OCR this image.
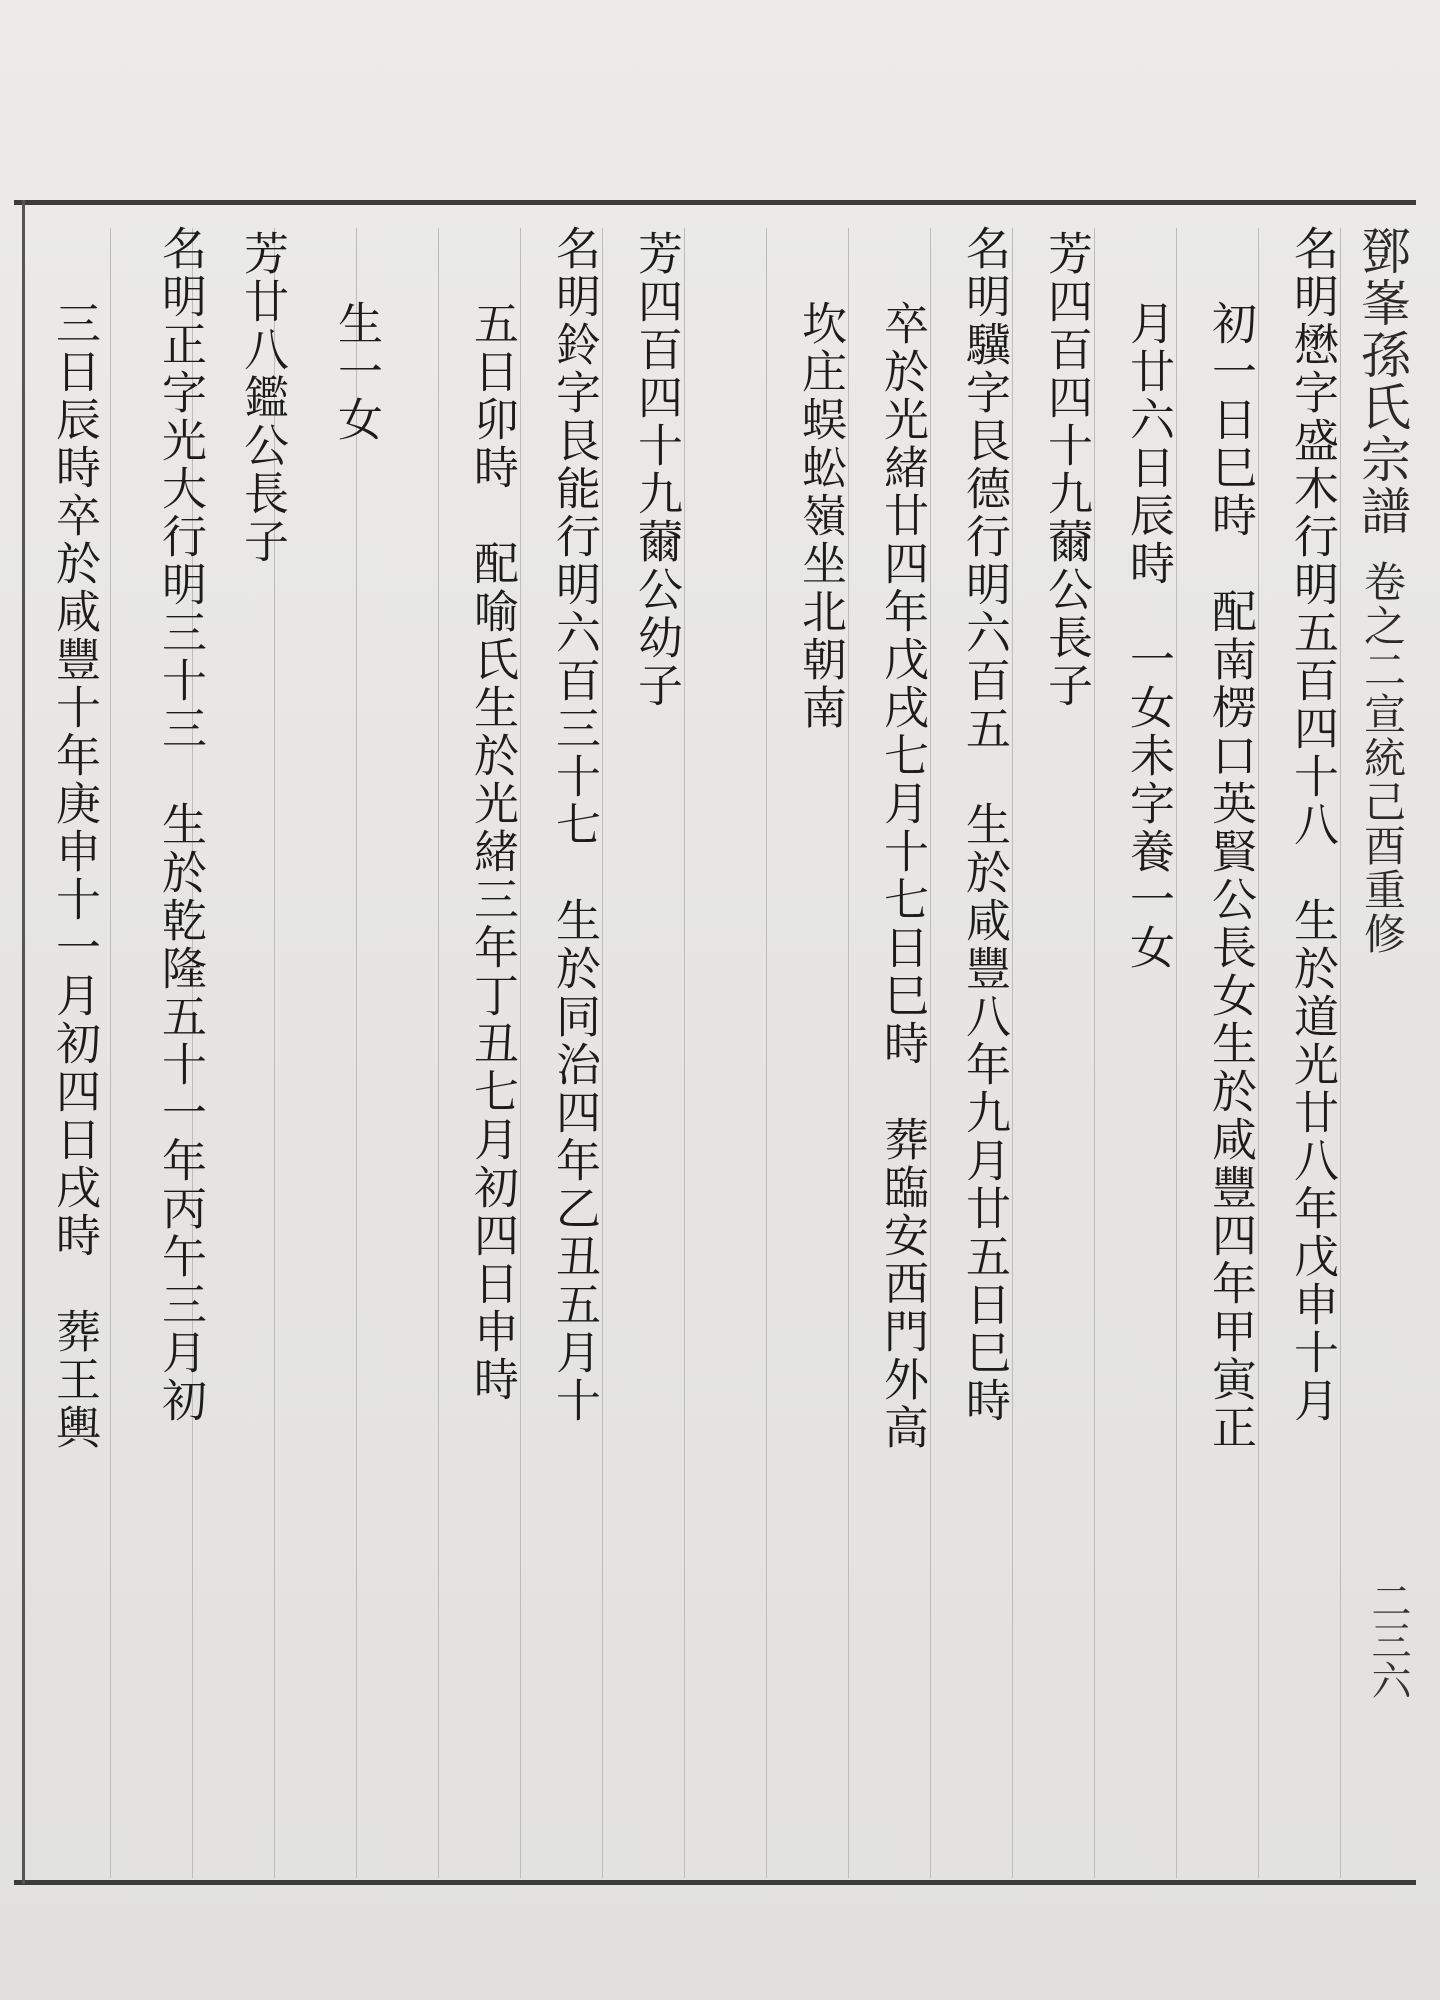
鄧峯孫氏宗譜
卷之二宣統己酉重修
二三六
名明懋字盛木行明五百四十八　生於道光廿八年戊申十月
初一日巳時　配南楞口英賢公長女生於咸豐四年甲寅正
月廿六日辰時　一女未字養一女
芳四百四十九薾公長子
名明驥字艮德行明六百五　生於咸豐八年九月廿五日巳時
卒於光緒廿四年戊戌七月十七日巳時　葬臨安西門外高
坎庄蜈蚣嶺坐北朝南
芳四百四十九薾公幼子
名明鈴字艮能行明六百三十七　生於同治四年乙丑五月十
五日卯時　配喻氏生於光緒三年丁丑七月初四日申時
生一女
芳廿八鑑公長子
名明正字光大行明三十三　生於乾隆五十一年丙午三月初
三日辰時卒於咸豐十年庚申十一月初四日戌時　葬王輿
